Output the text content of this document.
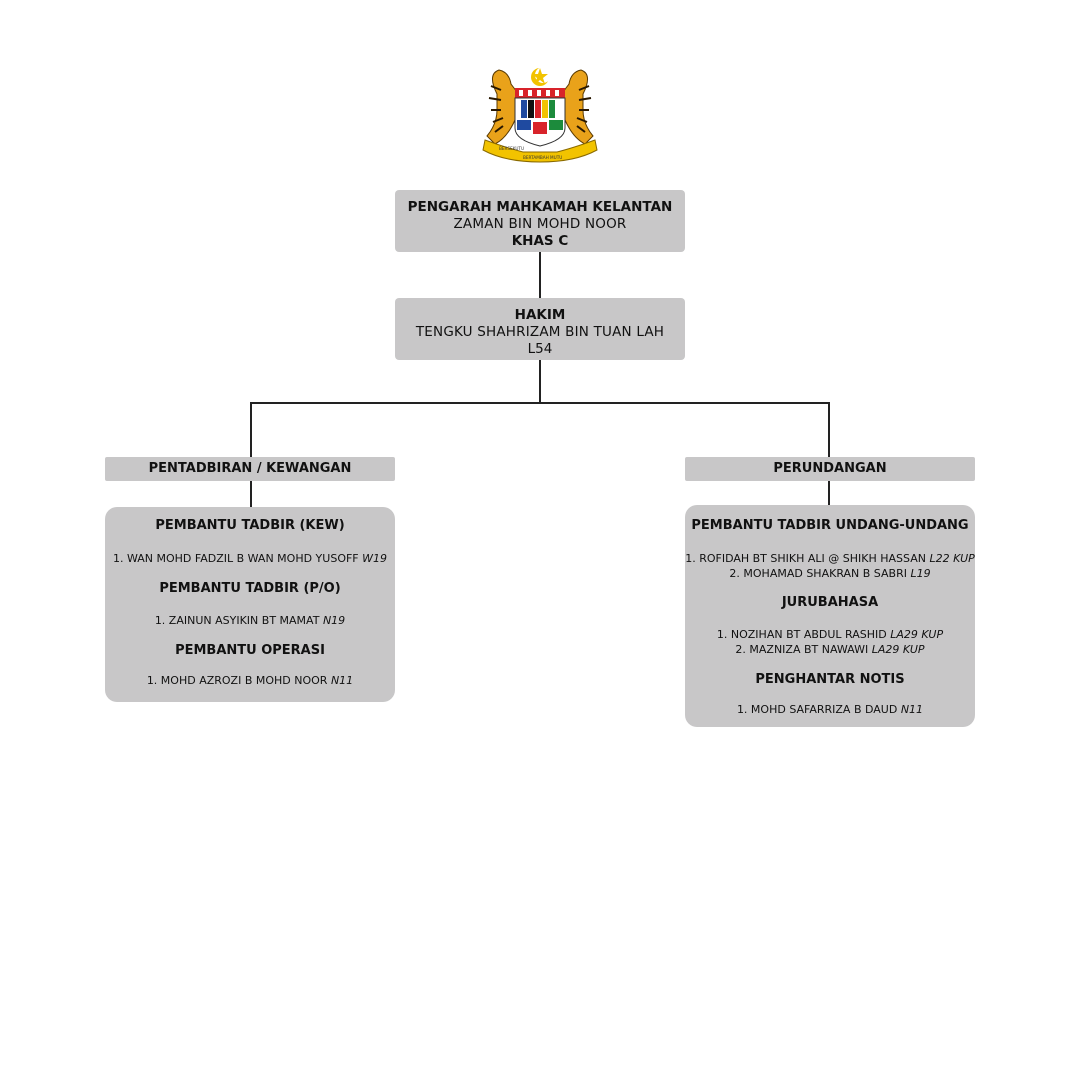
BERSEKUTU
BERTAMBAH MUTU
PENGARAH MAHKAMAH KELANTAN
ZAMAN BIN MOHD NOOR
KHAS C
HAKIM
TENGKU SHAHRIZAM BIN TUAN LAH
L54
PENTADBIRAN / KEWANGAN	PERUNDANGAN

PEMBANTU TADBIR (KEW)

1. WAN MOHD FADZIL B WAN MOHD YUSOFF W19

PEMBANTU TADBIR (P/O)

1. ZAINUN ASYIKIN BT MAMAT N19

PEMBANTU OPERASI

1. MOHD AZROZI B MOHD NOOR N11

PEMBANTU TADBIR UNDANG-UNDANG

1. ROFIDAH BT SHIKH ALI @ SHIKH HASSAN L22 KUP
2. MOHAMAD SHAKRAN B SABRI L19

JURUBAHASA

1. NOZIHAN BT ABDUL RASHID LA29 KUP
2. MAZNIZA BT NAWAWI LA29 KUP

PENGHANTAR NOTIS

1. MOHD SAFARRIZA B DAUD N11
